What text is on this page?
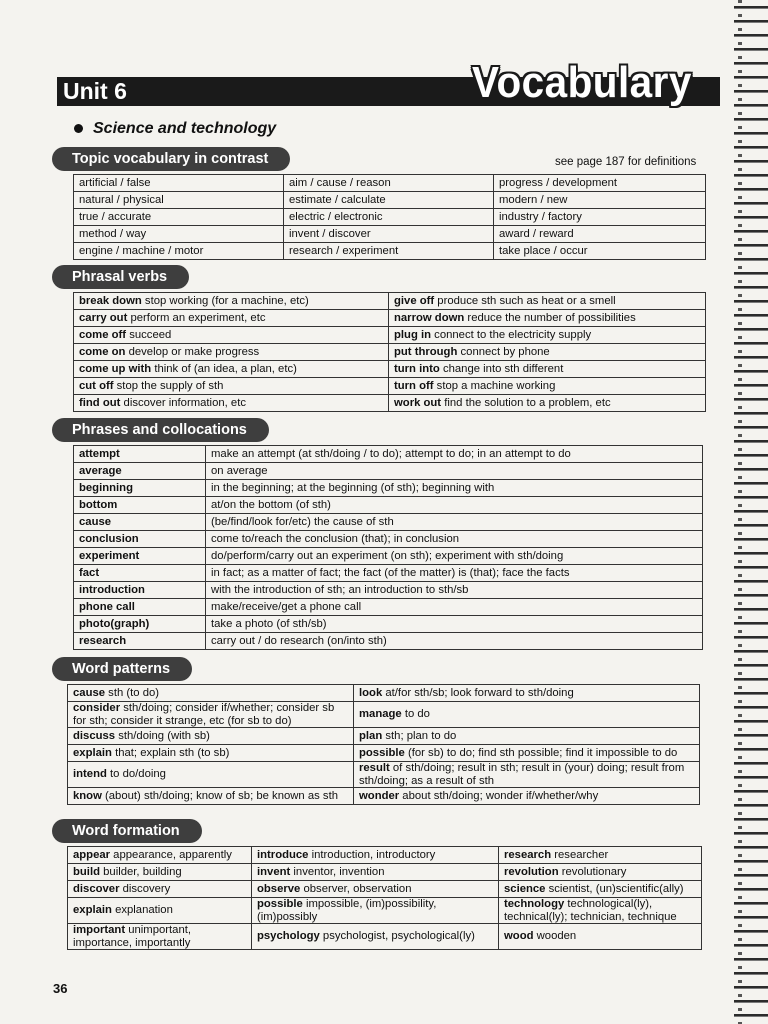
Unit 6	Vocabulary
Science and technology
Topic vocabulary in contrast	see page 187 for definitions
artificial / false	aim / cause / reason	progress / development
natural / physical	estimate / calculate	modern / new
true / accurate	electric / electronic	industry / factory
method / way	invent / discover	award / reward
engine / machine / motor	research / experiment	take place / occur
Phrasal verbs
break down stop working (for a machine, etc)	give off produce sth such as heat or a smell
carry out perform an experiment, etc	narrow down reduce the number of possibilities
come off succeed	plug in connect to the electricity supply
come on develop or make progress	put through connect by phone
come up with think of (an idea, a plan, etc)	turn into change into sth different
cut off stop the supply of sth	turn off stop a machine working
find out discover information, etc	work out find the solution to a problem, etc
Phrases and collocations
attempt	make an attempt (at sth/doing / to do); attempt to do; in an attempt to do
average	on average
beginning	in the beginning; at the beginning (of sth); beginning with
bottom	at/on the bottom (of sth)
cause	(be/find/look for/etc) the cause of sth
conclusion	come to/reach the conclusion (that); in conclusion
experiment	do/perform/carry out an experiment (on sth); experiment with sth/doing
fact	in fact; as a matter of fact; the fact (of the matter) is (that); face the facts
introduction	with the introduction of sth; an introduction to sth/sb
phone call	make/receive/get a phone call
photo(graph)	take a photo (of sth/sb)
research	carry out / do research (on/into sth)
Word patterns
cause sth (to do)	look at/for sth/sb; look forward to sth/doing
consider sth/doing; consider if/whether; consider sb for sth; consider it strange, etc (for sb to do)	manage to do
discuss sth/doing (with sb)	plan sth; plan to do
explain that; explain sth (to sb)	possible (for sb) to do; find sth possible; find it impossible to do
intend to do/doing	result of sth/doing; result in sth; result in (your) doing; result from sth/doing; as a result of sth
know (about) sth/doing; know of sb; be known as sth	wonder about sth/doing; wonder if/whether/why
Word formation
appear appearance, apparently	introduce introduction, introductory	research researcher
build builder, building	invent inventor, invention	revolution revolutionary
discover discovery	observe observer, observation	science scientist, (un)scientific(ally)
explain explanation	possible impossible, (im)possibility, (im)possibly	technology technological(ly), technical(ly); technician, technique
important unimportant, importance, importantly	psychology psychologist, psychological(ly)	wood wooden
36
